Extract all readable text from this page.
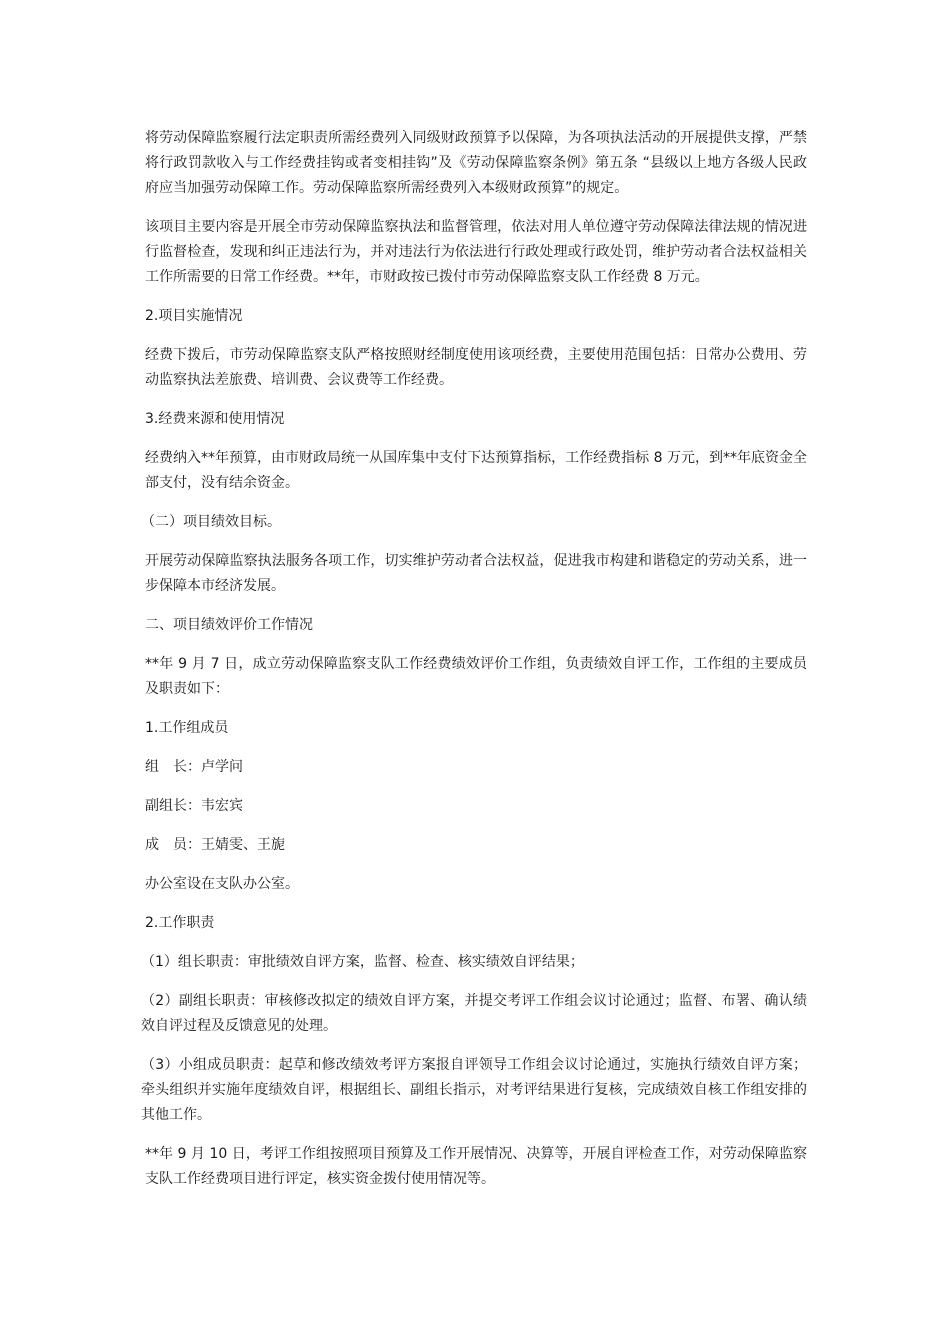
将劳动保障监察履行法定职责所需经费列入同级财政预算予以保障，为各项执法活动的开展提供支撑，严禁将行政罚款收入与工作经费挂钩或者变相挂钩”及《劳动保障监察条例》第五条 “县级以上地方各级人民政府应当加强劳动保障工作。劳动保障监察所需经费列入本级财政预算”的规定。

该项目主要内容是开展全市劳动保障监察执法和监督管理，依法对用人单位遵守劳动保障法律法规的情况进行监督检查，发现和纠正违法行为，并对违法行为依法进行行政处理或行政处罚，维护劳动者合法权益相关工作所需要的日常工作经费。**年，市财政按已拨付市劳动保障监察支队工作经费 8 万元。

2.项目实施情况

经费下拨后，市劳动保障监察支队严格按照财经制度使用该项经费，主要使用范围包括：日常办公费用、劳动监察执法差旅费、培训费、会议费等工作经费。

3.经费来源和使用情况

经费纳入**年预算，由市财政局统一从国库集中支付下达预算指标，工作经费指标 8 万元，到**年底资金全部支付，没有结余资金。

（二）项目绩效目标。

开展劳动保障监察执法服务各项工作，切实维护劳动者合法权益，促进我市构建和谐稳定的劳动关系，进一步保障本市经济发展。

二、项目绩效评价工作情况

**年 9 月 7 日，成立劳动保障监察支队工作经费绩效评价工作组，负责绩效自评工作，工作组的主要成员及职责如下：

1.工作组成员

组　长：卢学问

副组长：韦宏宾

成　员：王婧雯、王旎

办公室设在支队办公室。

2.工作职责

（1）组长职责：审批绩效自评方案，监督、检查、核实绩效自评结果；

（2）副组长职责：审核修改拟定的绩效自评方案，并提交考评工作组会议讨论通过；监督、布署、确认绩效自评过程及反馈意见的处理。

（3）小组成员职责：起草和修改绩效考评方案报自评领导工作组会议讨论通过，实施执行绩效自评方案；牵头组织并实施年度绩效自评，根据组长、副组长指示，对考评结果进行复核，完成绩效自核工作组安排的其他工作。

**年 9 月 10 日，考评工作组按照项目预算及工作开展情况、决算等，开展自评检查工作，对劳动保障监察支队工作经费项目进行评定，核实资金拨付使用情况等。
